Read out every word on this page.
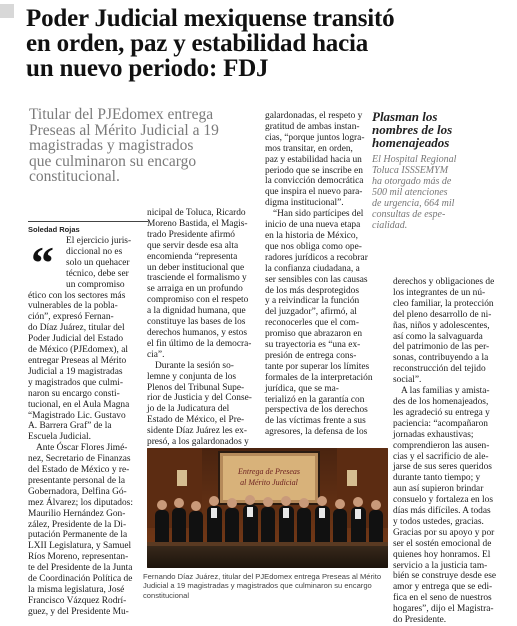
Poder Judicial mexiquense transitó
en orden, paz y estabilidad hacia
un nuevo periodo: FDJ
Titular del PJEdomex entrega
Preseas al Mérito Judicial a 19
magistradas y magistrados
que culminaron su encargo
constitucional.
Plasman los
nombres de los
homenajeados
El Hospital Regional
Toluca ISSSEMYM
ha otorgado más de
500 mil atenciones
de urgencia, 664 mil
consultas de espe-
cialidad.
Soledad Rojas
“	El ejercicio juris-
diccional no es
solo un quehacer
técnico, debe ser
un compromiso
ético con los sectores más
vulnerables de la pobla-
ción”, expresó Fernan-
do Díaz Juárez, titular del
Poder Judicial del Estado
de México (PJEdomex), al
entregar Preseas al Mérito
Judicial a 19 magistradas
y magistrados que culmi-
naron su encargo consti-
tucional, en el Aula Magna
“Magistrado Lic. Gustavo
A. Barrera Graf” de la
Escuela Judicial.
Ante Óscar Flores Jimé-
nez, Secretario de Finanzas
del Estado de México y re-
presentante personal de la
Gobernadora, Delfina Gó-
mez Álvarez; los diputados:
Maurilio Hernández Gon-
zález, Presidente de la Di-
putación Permanente de la
LXII Legislatura, y Samuel
Ríos Moreno, representan-
te del Presidente de la Junta
de Coordinación Política de
la misma legislatura, José
Francisco Vázquez Rodrí-
guez, y del Presidente Mu-
nicipal de Toluca, Ricardo
Moreno Bastida, el Magis-
trado Presidente afirmó
que servir desde esa alta
encomienda “representa
un deber institucional que
trasciende el formalismo y
se arraiga en un profundo
compromiso con el respeto
a la dignidad humana, que
constituye las bases de los
derechos humanos, y estos
el fin último de la democra-
cia”.
Durante la sesión so-
lemne y conjunta de los
Plenos del Tribunal Supe-
rior de Justicia y del Conse-
jo de la Judicatura del
Estado de México, el Pre-
sidente Díaz Juárez les ex-
presó, a los galardonados y
galardonadas, el respeto y
gratitud de ambas instan-
cias, “porque juntos logra-
mos transitar, en orden,
paz y estabilidad hacia un
periodo que se inscribe en
la convicción democrática
que inspira el nuevo para-
digma institucional”.
“Han sido partícipes del
inicio de una nueva etapa
en la historia de México,
que nos obliga como ope-
radores jurídicos a recobrar
la confianza ciudadana, a
ser sensibles con las causas
de los más desprotegidos
y a reivindicar la función
del juzgador”, afirmó, al
reconocerles que el com-
promiso que abrazaron en
su trayectoria es “una ex-
presión de entrega cons-
tante por superar los límites
formales de la interpretación
jurídica, que se ma-
terializó en la garantía con
perspectiva de los derechos
de las víctimas frente a sus
agresores, la defensa de los
derechos y obligaciones de
los integrantes de un nú-
cleo familiar, la protección
del pleno desarrollo de ni-
ñas, niños y adolescentes,
así como la salvaguarda
del patrimonio de las per-
sonas, contribuyendo a la
reconstrucción del tejido
social”.
A las familias y amista-
des de los homenajeados,
les agradeció su entrega y
paciencia: “acompañaron
jornadas exhaustivas;
comprendieron las ausen-
cias y el sacrificio de ale-
jarse de sus seres queridos
durante tanto tiempo; y
aun así supieron brindar
consuelo y fortaleza en los
días más difíciles. A todas
y todos ustedes, gracias.
Gracias por su apoyo y por
ser el sostén emocional de
quienes hoy honramos. El
servicio a la justicia tam-
bién se construye desde ese
amor y entrega que se edi-
fica en el seno de nuestros
hogares”, dijo el Magistra-
do Presidente.
Entrega de Preseas
al Mérito Judicial
Fernando Díaz Juárez, titular del PJEdomex entrega Preseas al Mérito
Judicial a 19 magistradas y magistrados que culminaron su encargo
constitucional
